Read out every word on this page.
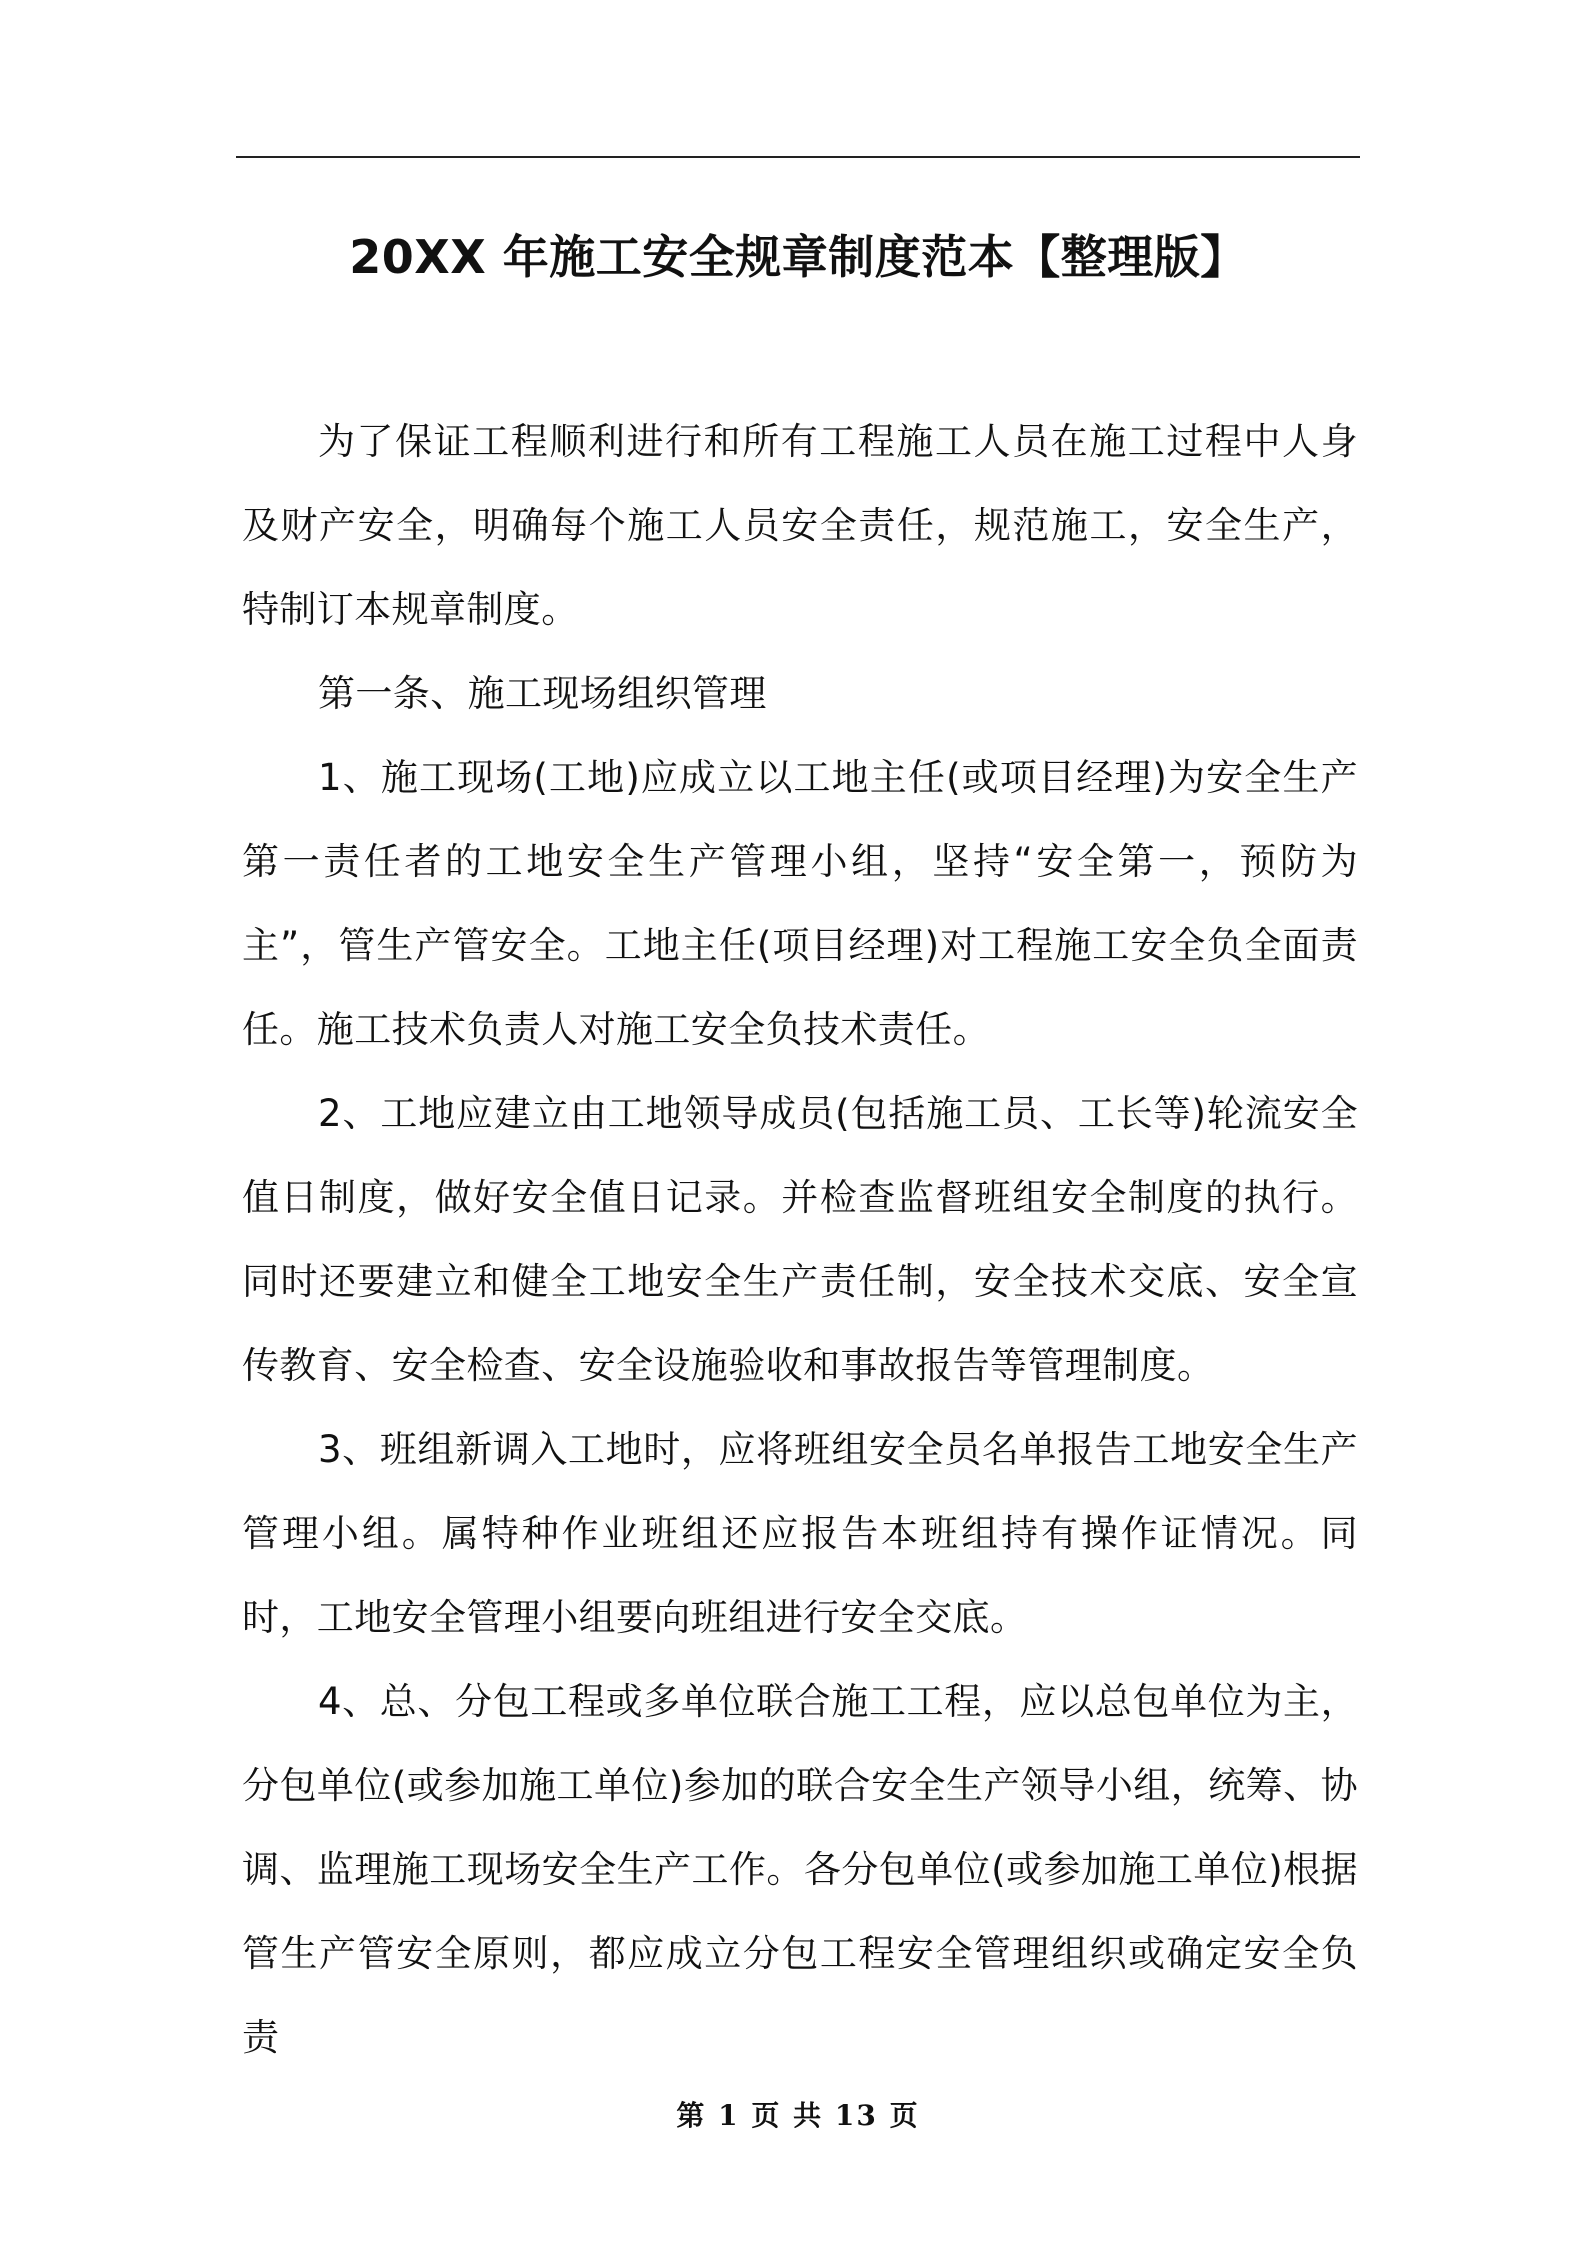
20XX 年施工安全规章制度范本【整理版】

为了保证工程顺利进行和所有工程施工人员在施工过程中人身及财产安全，明确每个施工人员安全责任，规范施工，安全生产，特制订本规章制度。

第一条、施工现场组织管理

1、施工现场(工地)应成立以工地主任(或项目经理)为安全生产第一责任者的工地安全生产管理小组，坚持“安全第一，预防为主”，管生产管安全。工地主任(项目经理)对工程施工安全负全面责任。施工技术负责人对施工安全负技术责任。

2、工地应建立由工地领导成员(包括施工员、工长等)轮流安全值日制度，做好安全值日记录。并检查监督班组安全制度的执行。同时还要建立和健全工地安全生产责任制，安全技术交底、安全宣传教育、安全检查、安全设施验收和事故报告等管理制度。

3、班组新调入工地时，应将班组安全员名单报告工地安全生产管理小组。属特种作业班组还应报告本班组持有操作证情况。同时，工地安全管理小组要向班组进行安全交底。

4、总、分包工程或多单位联合施工工程，应以总包单位为主，分包单位(或参加施工单位)参加的联合安全生产领导小组，统筹、协调、监理施工现场安全生产工作。各分包单位(或参加施工单位)根据管生产管安全原则，都应成立分包工程安全管理组织或确定安全负责

第 1 页 共 13 页
